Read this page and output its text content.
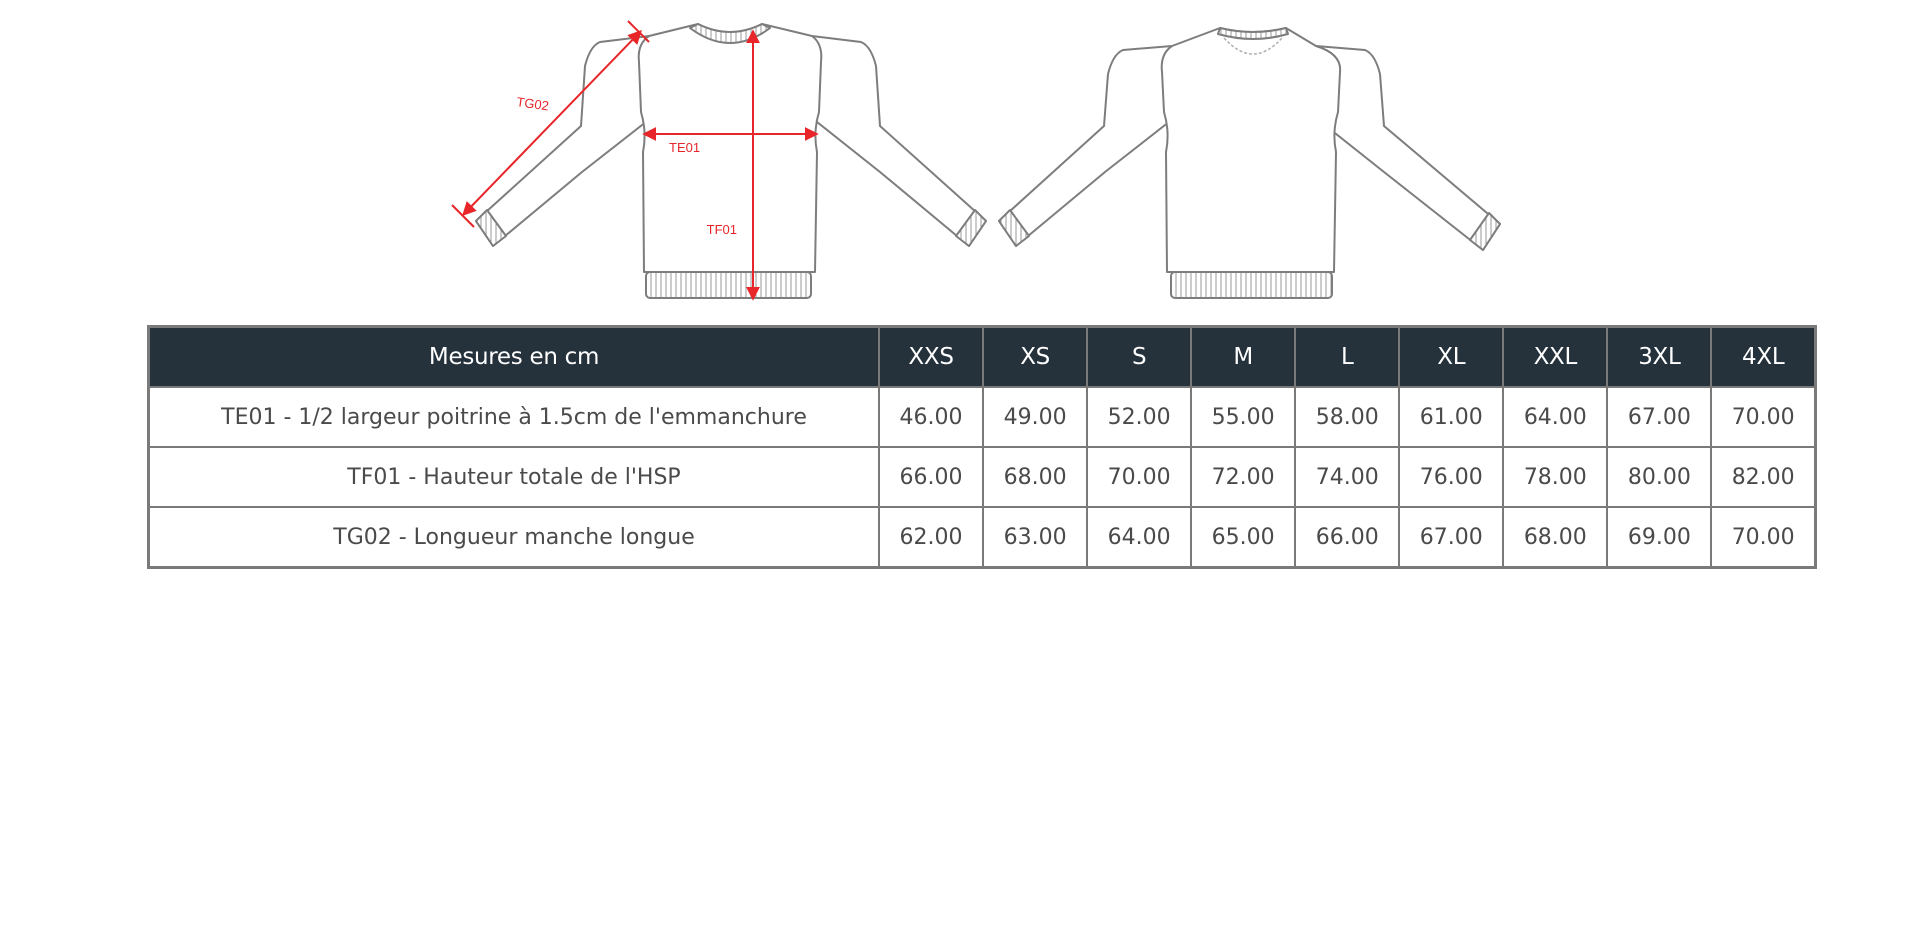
TG02
TE01
TF01
Mesures en cm	XXS	XS	S	M	L	XL	XXL	3XL	4XL
TE01 - 1/2 largeur poitrine à 1.5cm de l'emmanchure	46.00	49.00	52.00	55.00	58.00	61.00	64.00	67.00	70.00
TF01 - Hauteur totale de l'HSP	66.00	68.00	70.00	72.00	74.00	76.00	78.00	80.00	82.00
TG02 - Longueur manche longue	62.00	63.00	64.00	65.00	66.00	67.00	68.00	69.00	70.00
